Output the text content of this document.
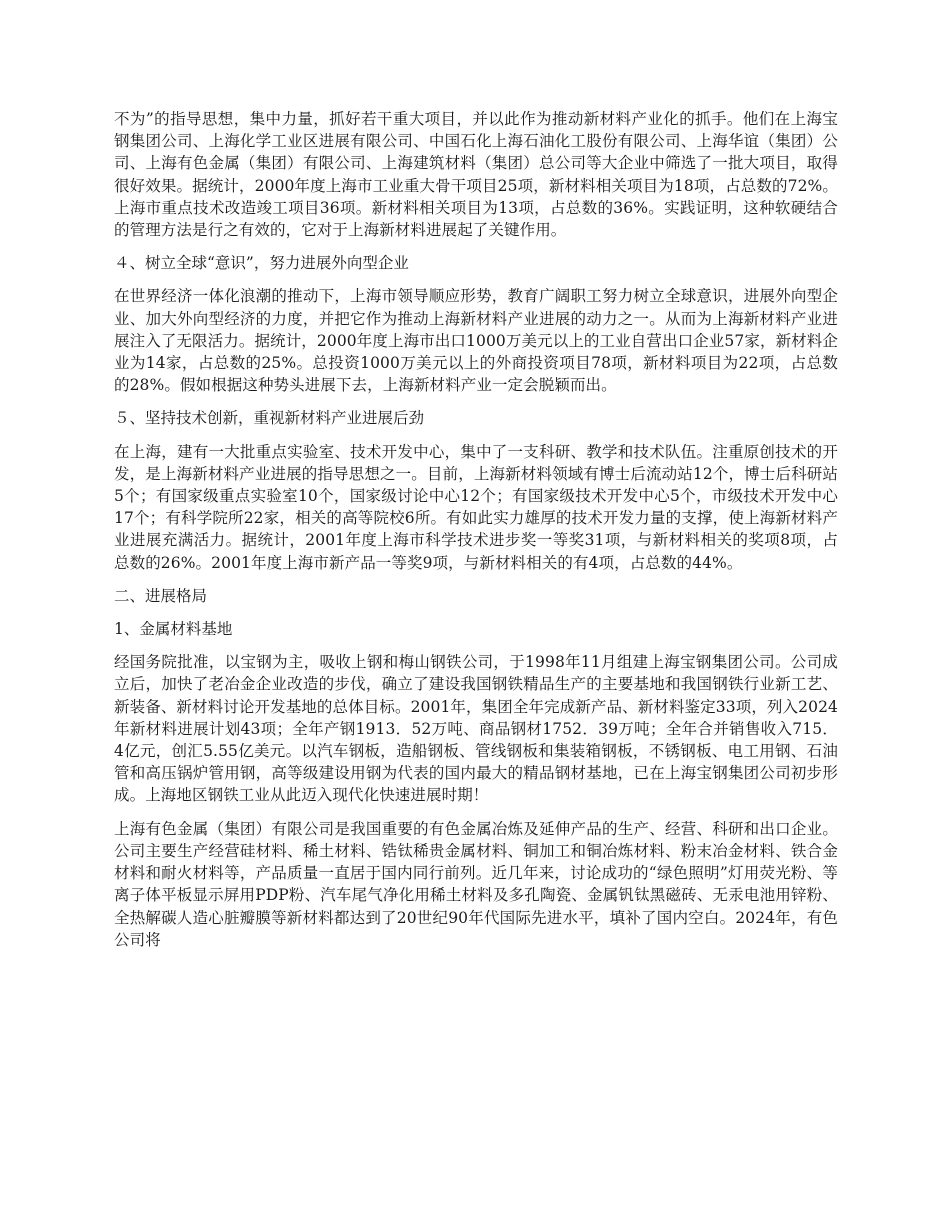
不为”的指导思想，集中力量，抓好若干重大项目，并以此作为推动新材料产业化的抓手。他们在上海宝钢集团公司、上海化学工业区进展有限公司、中国石化上海石油化工股份有限公司、上海华谊（集团）公司、上海有色金属（集团）有限公司、上海建筑材料（集团）总公司等大企业中筛选了一批大项目，取得很好效果。据统计，2000年度上海市工业重大骨干项目25项，新材料相关项目为18项，占总数的72%。上海市重点技术改造竣工项目36项。新材料相关项目为13项，占总数的36%。实践证明，这种软硬结合的管理方法是行之有效的，它对于上海新材料进展起了关键作用。

４、树立全球“意识”，努力进展外向型企业

在世界经济一体化浪潮的推动下，上海市领导顺应形势，教育广阔职工努力树立全球意识，进展外向型企业、加大外向型经济的力度，并把它作为推动上海新材料产业进展的动力之一。从而为上海新材料产业进展注入了无限活力。据统计，2000年度上海市出口1000万美元以上的工业自营出口企业57家，新材料企业为14家，占总数的25%。总投资1000万美元以上的外商投资项目78项，新材料项目为22项，占总数的28%。假如根据这种势头进展下去，上海新材料产业一定会脱颖而出。

５、坚持技术创新，重视新材料产业进展后劲

在上海，建有一大批重点实验室、技术开发中心，集中了一支科研、教学和技术队伍。注重原创技术的开发，是上海新材料产业进展的指导思想之一。目前，上海新材料领域有博士后流动站12个，博士后科研站5个；有国家级重点实验室10个，国家级讨论中心12个；有国家级技术开发中心5个，市级技术开发中心17个；有科学院所22家，相关的高等院校6所。有如此实力雄厚的技术开发力量的支撑，使上海新材料产业进展充满活力。据统计，2001年度上海市科学技术进步奖一等奖31项，与新材料相关的奖项8项，占总数的26%。2001年度上海市新产品一等奖9项，与新材料相关的有4项，占总数的44%。

二、进展格局

1、金属材料基地

经国务院批准，以宝钢为主，吸收上钢和梅山钢铁公司，于1998年11月组建上海宝钢集团公司。公司成立后，加快了老冶金企业改造的步伐，确立了建设我国钢铁精品生产的主要基地和我国钢铁行业新工艺、新装备、新材料讨论开发基地的总体目标。2001年，集团全年完成新产品、新材料鉴定33项，列入2024年新材料进展计划43项；全年产钢1913．52万吨、商品钢材1752．39万吨；全年合并销售收入715．4亿元，创汇5.55亿美元。以汽车钢板，造船钢板、管线钢板和集装箱钢板，不锈钢板、电工用钢、石油管和高压锅炉管用钢，高等级建设用钢为代表的国内最大的精品钢材基地，已在上海宝钢集团公司初步形成。上海地区钢铁工业从此迈入现代化快速进展时期！

上海有色金属（集团）有限公司是我国重要的有色金属冶炼及延伸产品的生产、经营、科研和出口企业。公司主要生产经营硅材料、稀土材料、锆钛稀贵金属材料、铜加工和铜冶炼材料、粉末冶金材料、铁合金材料和耐火材料等，产品质量一直居于国内同行前列。近几年来，讨论成功的“绿色照明”灯用荧光粉、等离子体平板显示屏用PDP粉、汽车尾气净化用稀土材料及多孔陶瓷、金属钒钛黑磁砖、无汞电池用锌粉、全热解碳人造心脏瓣膜等新材料都达到了20世纪90年代国际先进水平，填补了国内空白。2024年，有色公司将
